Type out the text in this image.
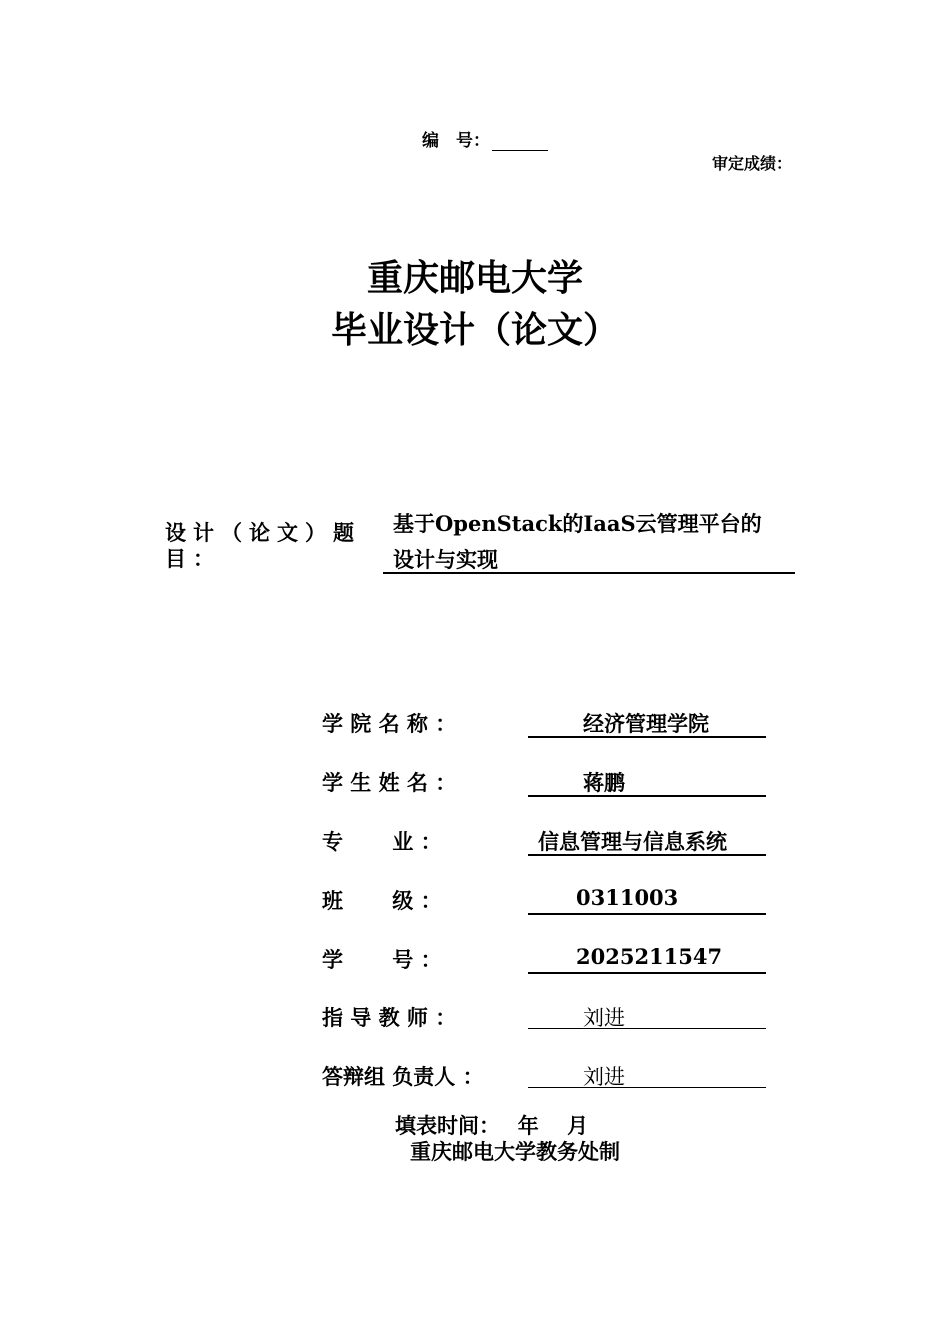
编　号：
审定成绩：
重庆邮电大学
毕业设计（论文）
设计（论文）题目：
基于OpenStack的IaaS云管理平台的
设计与实现
学 院 名 称 ：	经济管理学院
学 生 姓 名 ：	蒋鹏
专　　 业 ：	信息管理与信息系统
班　　 级 ：	0311003
学　　 号 ：	2025211547
指 导 教 师 ：	刘进
答辩组 负责人 ：	刘进
填表时间：　 年 　月
重庆邮电大学教务处制
